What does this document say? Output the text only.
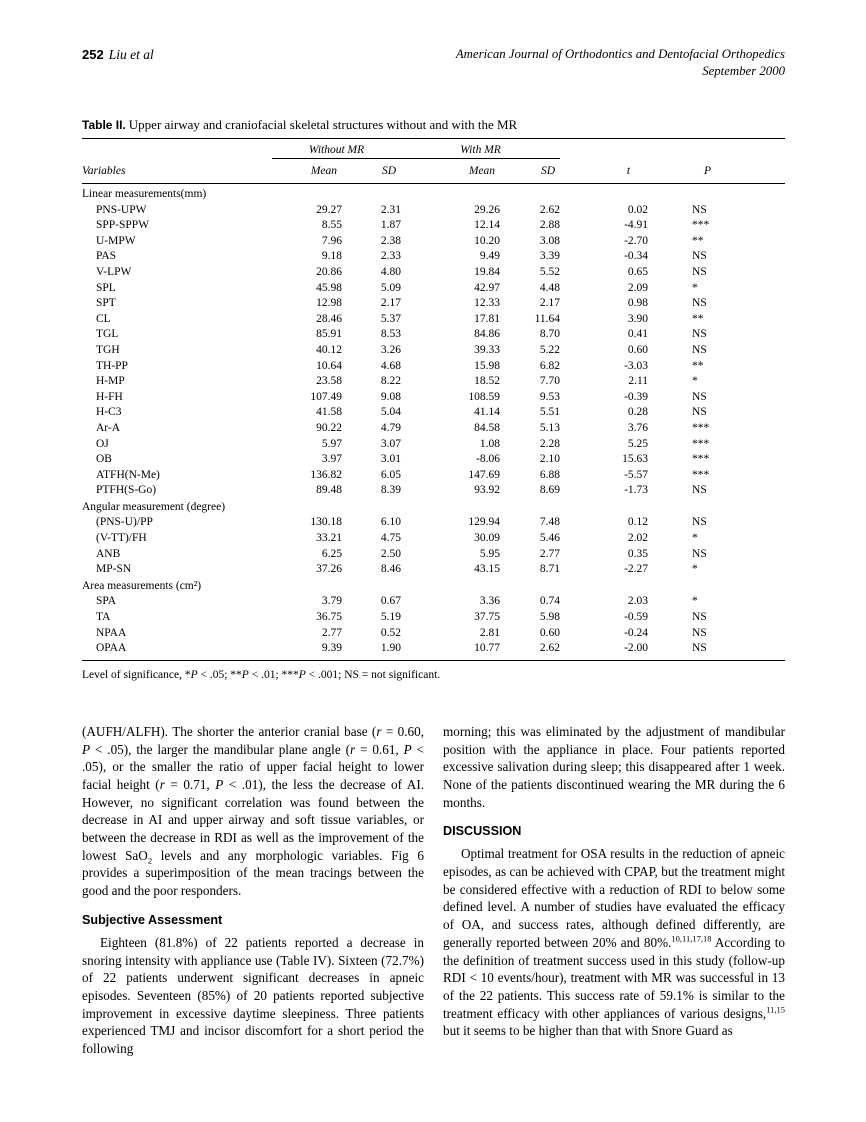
252 Liu et al	American Journal of Orthodontics and Dentofacial Orthopedics
September 2000
Table II. Upper airway and craniofacial skeletal structures without and with the MR
	Without MR		With MR			
Variables	Mean	SD	Mean	SD	t	P
Linear measurements(mm)						
PNS-UPW	29.27	2.31	29.26	2.62	0.02	NS
SPP-SPPW	8.55	1.87	12.14	2.88	-4.91	***
U-MPW	7.96	2.38	10.20	3.08	-2.70	**
PAS	9.18	2.33	9.49	3.39	-0.34	NS
V-LPW	20.86	4.80	19.84	5.52	0.65	NS
SPL	45.98	5.09	42.97	4.48	2.09	*
SPT	12.98	2.17	12.33	2.17	0.98	NS
CL	28.46	5.37	17.81	11.64	3.90	**
TGL	85.91	8.53	84.86	8.70	0.41	NS
TGH	40.12	3.26	39.33	5.22	0.60	NS
TH-PP	10.64	4.68	15.98	6.82	-3.03	**
H-MP	23.58	8.22	18.52	7.70	2.11	*
H-FH	107.49	9.08	108.59	9.53	-0.39	NS
H-C3	41.58	5.04	41.14	5.51	0.28	NS
Ar-A	90.22	4.79	84.58	5.13	3.76	***
OJ	5.97	3.07	1.08	2.28	5.25	***
OB	3.97	3.01	-8.06	2.10	15.63	***
ATFH(N-Me)	136.82	6.05	147.69	6.88	-5.57	***
PTFH(S-Go)	89.48	8.39	93.92	8.69	-1.73	NS
Angular measurement (degree)						
(PNS-U)/PP	130.18	6.10	129.94	7.48	0.12	NS
(V-TT)/FH	33.21	4.75	30.09	5.46	2.02	*
ANB	6.25	2.50	5.95	2.77	0.35	NS
MP-SN	37.26	8.46	43.15	8.71	-2.27	*
Area measurements (cm²)						
SPA	3.79	0.67	3.36	0.74	2.03	*
TA	36.75	5.19	37.75	5.98	-0.59	NS
NPAA	2.77	0.52	2.81	0.60	-0.24	NS
OPAA	9.39	1.90	10.77	2.62	-2.00	NS
Level of significance, *P < .05; **P < .01; ***P < .001; NS = not significant.

(AUFH/ALFH). The shorter the anterior cranial base (r = 0.60, P < .05), the larger the mandibular plane angle (r = 0.61, P < .05), or the smaller the ratio of upper facial height to lower facial height (r = 0.71, P < .01), the less the decrease of AI. However, no significant correlation was found between the decrease in AI and upper airway and soft tissue variables, or between the decrease in RDI as well as the improvement of the lowest SaO$_2$ levels and any morphologic variables. Fig 6 provides a superimposition of the mean tracings between the good and the poor responders.

Subjective Assessment

Eighteen (81.8%) of 22 patients reported a decrease in snoring intensity with appliance use (Table IV). Sixteen (72.7%) of 22 patients underwent significant decreases in apneic episodes. Seventeen (85%) of 20 patients reported subjective improvement in excessive daytime sleepiness. Three patients experienced TMJ and incisor discomfort for a short period the following

morning; this was eliminated by the adjustment of mandibular position with the appliance in place. Four patients reported excessive salivation during sleep; this disappeared after 1 week. None of the patients discontinued wearing the MR during the 6 months.

DISCUSSION

Optimal treatment for OSA results in the reduction of apneic episodes, as can be achieved with CPAP, but the treatment might be considered effective with a reduction of RDI to below some defined level. A number of studies have evaluated the efficacy of OA, and success rates, although defined differently, are generally reported between 20% and 80%.$^{10,11,17,18}$ According to the definition of treatment success used in this study (follow-up RDI < 10 events/hour), treatment with MR was successful in 13 of the 22 patients. This success rate of 59.1% is similar to the treatment efficacy with other appliances of various designs,$^{11,15}$ but it seems to be higher than that with Snore Guard as
